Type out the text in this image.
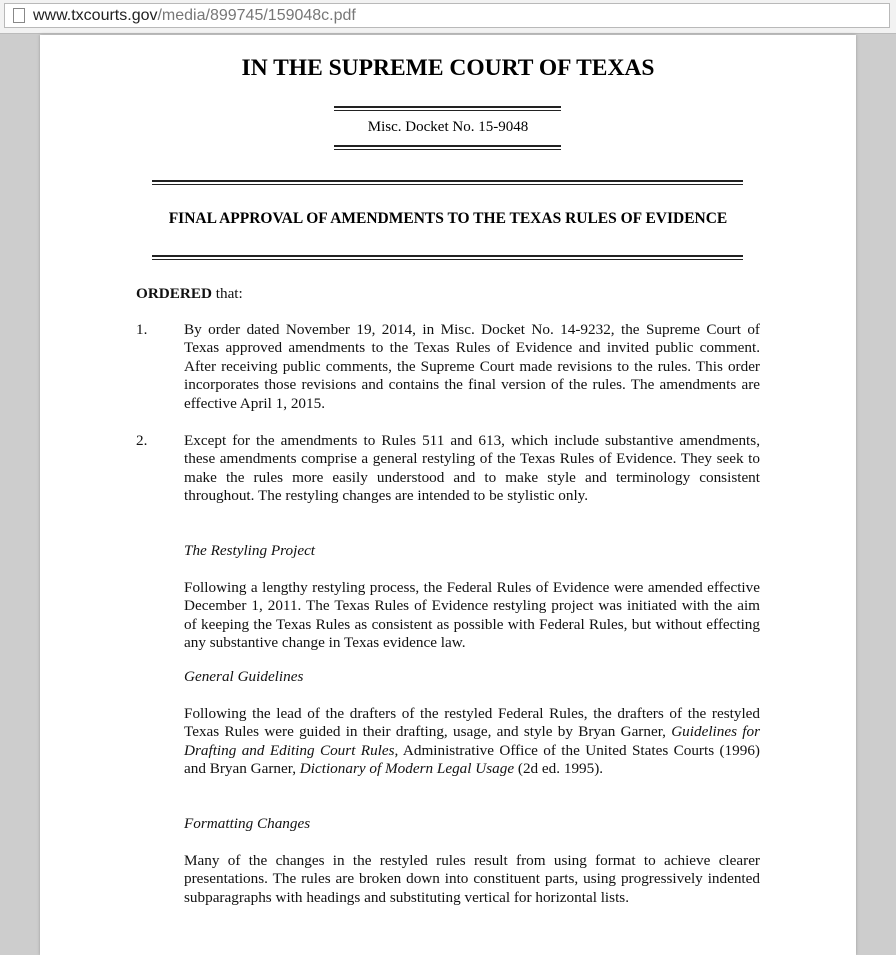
www.txcourts.gov /media/899745/159048c.pdf
IN THE SUPREME COURT OF TEXAS
Misc. Docket No. 15-9048
FINAL APPROVAL OF AMENDMENTS TO THE TEXAS RULES OF EVIDENCE
ORDERED that:
1. By order dated November 19, 2014, in Misc. Docket No. 14-9232, the Supreme Court of Texas approved amendments to the Texas Rules of Evidence and invited public comment. After receiving public comments, the Supreme Court made revisions to the rules. This order incorporates those revisions and contains the final version of the rules. The amendments are effective April 1, 2015.
2. Except for the amendments to Rules 511 and 613, which include substantive amendments, these amendments comprise a general restyling of the Texas Rules of Evidence. They seek to make the rules more easily understood and to make style and terminology consistent throughout. The restyling changes are intended to be stylistic only.
The Restyling Project
Following a lengthy restyling process, the Federal Rules of Evidence were amended effective December 1, 2011. The Texas Rules of Evidence restyling project was initiated with the aim of keeping the Texas Rules as consistent as possible with Federal Rules, but without effecting any substantive change in Texas evidence law.
General Guidelines
Following the lead of the drafters of the restyled Federal Rules, the drafters of the restyled Texas Rules were guided in their drafting, usage, and style by Bryan Garner, Guidelines for Drafting and Editing Court Rules, Administrative Office of the United States Courts (1996) and Bryan Garner, Dictionary of Modern Legal Usage (2d ed. 1995).
Formatting Changes
Many of the changes in the restyled rules result from using format to achieve clearer presentations. The rules are broken down into constituent parts, using progressively indented subparagraphs with headings and substituting vertical for horizontal lists.
